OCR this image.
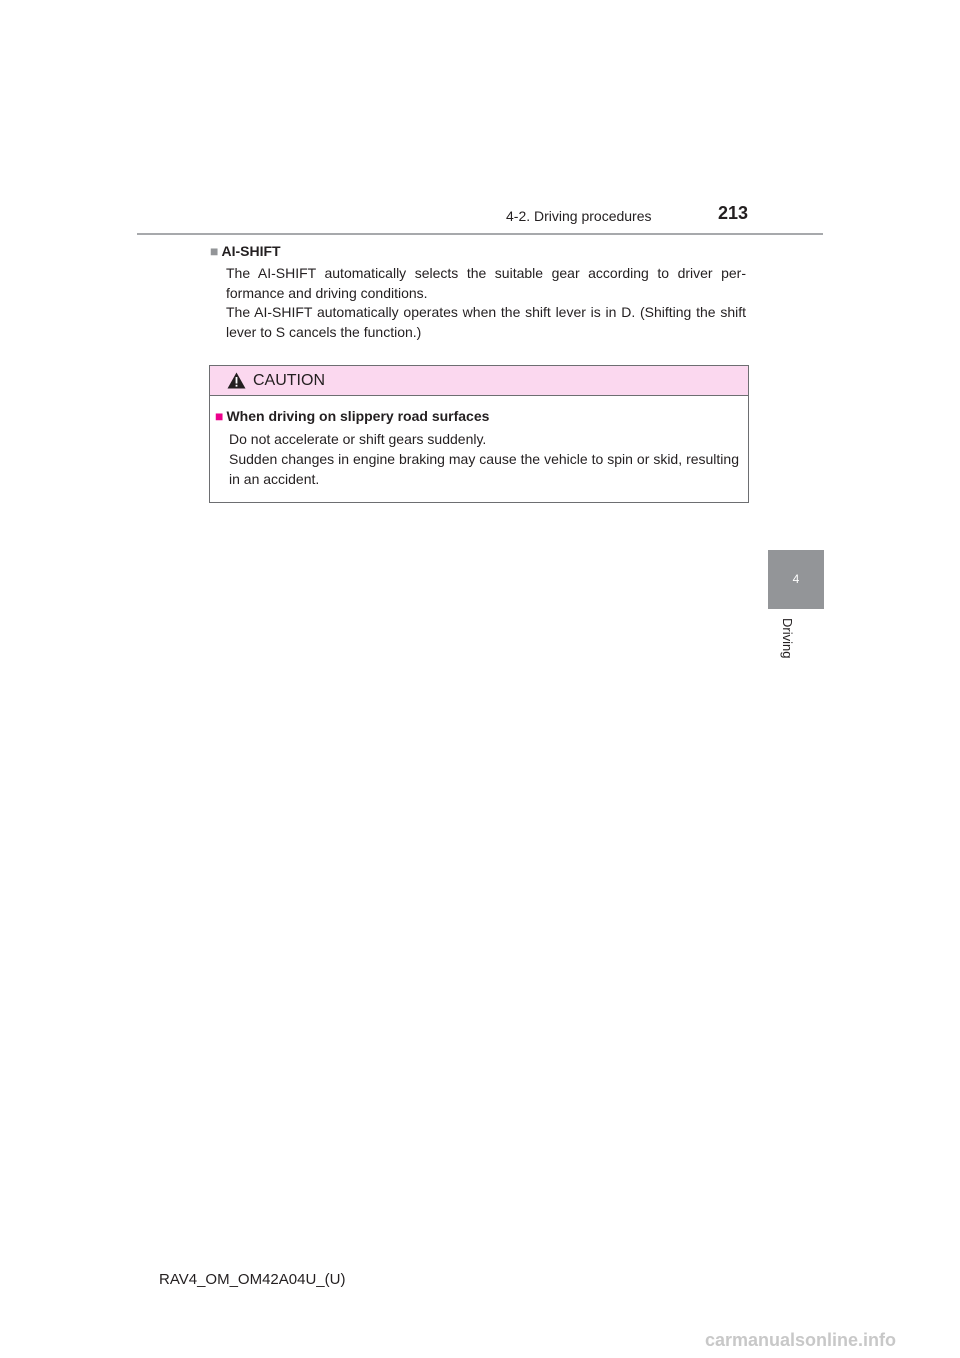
4-2. Driving procedures	213
4
Driving
■ AI-SHIFT

The AI-SHIFT automatically selects the suitable gear according to driver per-formance and driving conditions.

The AI-SHIFT automatically operates when the shift lever is in D. (Shifting the shift lever to S cancels the function.)

CAUTION
■ When driving on slippery road surfaces

Do not accelerate or shift gears suddenly.

Sudden changes in engine braking may cause the vehicle to spin or skid, resulting in an accident.

RAV4_OM_OM42A04U_(U)
carmanualsonline.info
